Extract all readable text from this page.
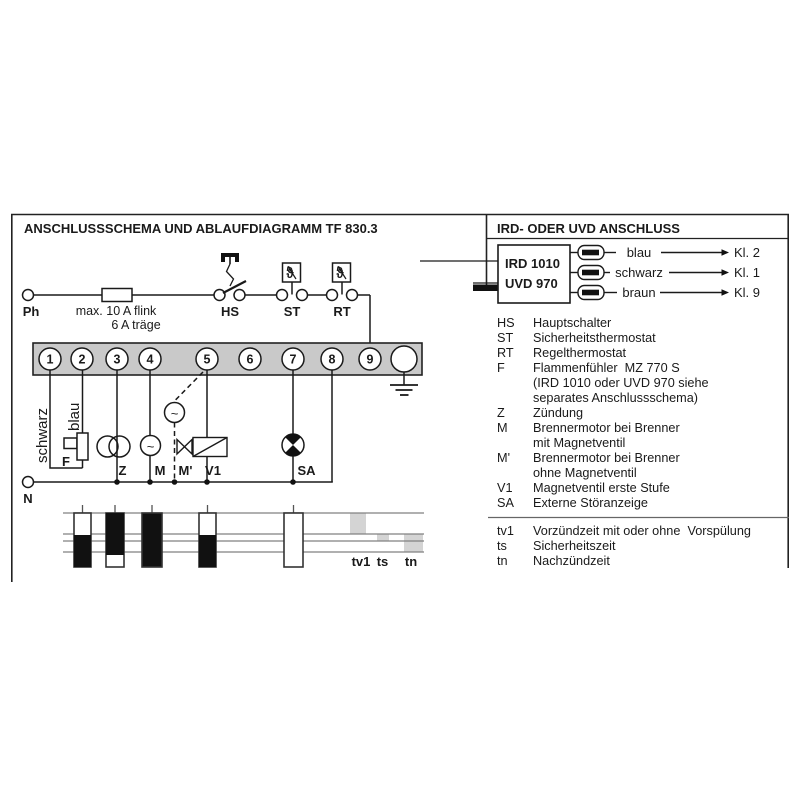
Ph	max. 10 A flink
6 A träge
HS	ST	RT
ϑ	ϑ
1 2 3 4	5	6	7	8 9
schwarz blau
F
Z M M' V1	SA
~
~
N
tv1 ts tn
ANSCHLUSSSCHEMA UND ABLAUFDIAGRAMM TF 830.3	IRD- ODER UVD ANSCHLUSS
IRD 1010
UVD 970
blau
schwarz
braun
Kl. 2
Kl. 1
Kl. 9
HS	Hauptschalter
ST	Sicherheitsthermostat
RT	Regelthermostat
F	Flammenfühler  MZ 770 S
(IRD 1010 oder UVD 970 siehe
separates Anschlussschema)
Z	Zündung
M	Brennermotor bei Brenner
mit Magnetventil
M'	Brennermotor bei Brenner
ohne Magnetventil
V1	Magnetventil erste Stufe
SA	Externe Störanzeige
tv1	Vorzündzeit mit oder ohne  Vorspülung
ts	Sicherheitszeit
tn	Nachzündzeit
